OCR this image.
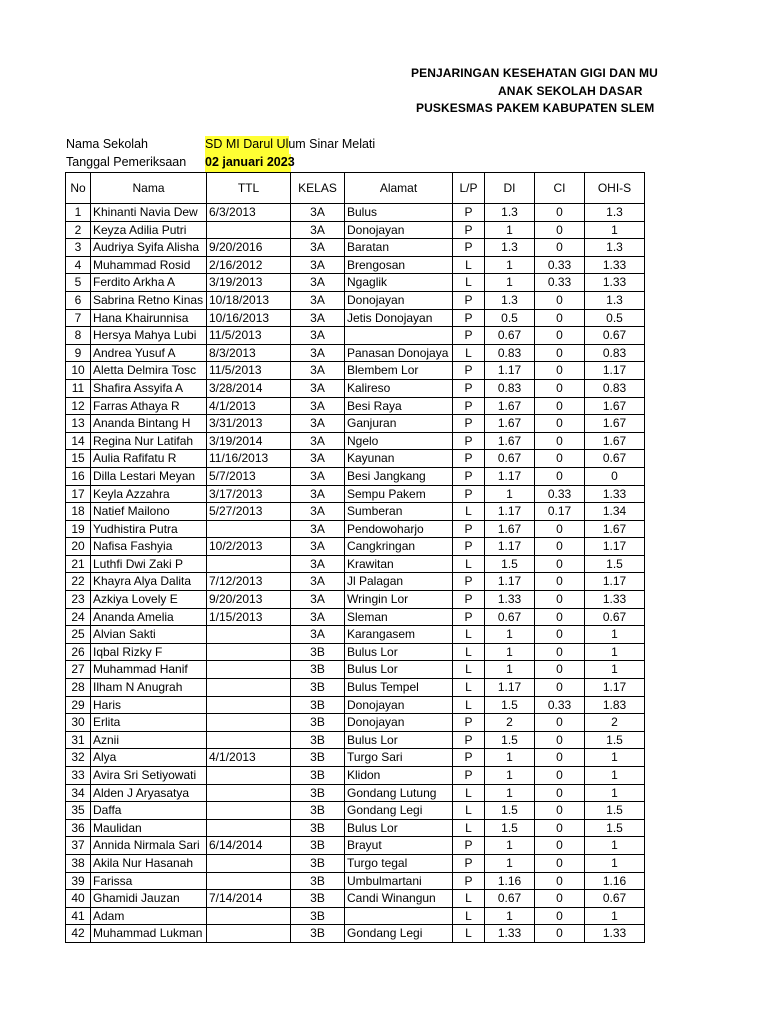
PENJARINGAN KESEHATAN GIGI DAN MU
ANAK SEKOLAH DASAR
PUSKESMAS PAKEM KABUPATEN SLEM
Nama Sekolah	SD MI Darul Ulum Sinar Melati
Tanggal Pemeriksaan 02 januari 2023
No	Nama	TTL	KELAS	Alamat	L/P	DI	CI	OHI-S
1	Khinanti Navia Dew	6/3/2013	3A	Bulus	P	1.3	0	1.3
2	Keyza Adilia Putri		3A	Donojayan	P	1	0	1
3	Audriya Syifa Alisha	9/20/2016	3A	Baratan	P	1.3	0	1.3
4	Muhammad Rosid	2/16/2012	3A	Brengosan	L	1	0.33	1.33
5	Ferdito Arkha A	3/19/2013	3A	Ngaglik	L	1	0.33	1.33
6	Sabrina Retno Kinas	10/18/2013	3A	Donojayan	P	1.3	0	1.3
7	Hana Khairunnisa	10/16/2013	3A	Jetis Donojayan	P	0.5	0	0.5
8	Hersya Mahya Lubi	11/5/2013	3A		P	0.67	0	0.67
9	Andrea Yusuf A	8/3/2013	3A	Panasan Donojaya	L	0.83	0	0.83
10	Aletta Delmira Tosc	11/5/2013	3A	Blembem Lor	P	1.17	0	1.17
11	Shafira Assyifa A	3/28/2014	3A	Kalireso	P	0.83	0	0.83
12	Farras Athaya R	4/1/2013	3A	Besi Raya	P	1.67	0	1.67
13	Ananda Bintang H	3/31/2013	3A	Ganjuran	P	1.67	0	1.67
14	Regina Nur Latifah	3/19/2014	3A	Ngelo	P	1.67	0	1.67
15	Aulia Rafifatu R	11/16/2013	3A	Kayunan	P	0.67	0	0.67
16	Dilla Lestari Meyan	5/7/2013	3A	Besi Jangkang	P	1.17	0	0
17	Keyla Azzahra	3/17/2013	3A	Sempu Pakem	P	1	0.33	1.33
18	Natief Mailono	5/27/2013	3A	Sumberan	L	1.17	0.17	1.34
19	Yudhistira Putra		3A	Pendowoharjo	P	1.67	0	1.67
20	Nafisa Fashyia	10/2/2013	3A	Cangkringan	P	1.17	0	1.17
21	Luthfi Dwi Zaki P		3A	Krawitan	L	1.5	0	1.5
22	Khayra Alya Dalita	7/12/2013	3A	Jl Palagan	P	1.17	0	1.17
23	Azkiya Lovely E	9/20/2013	3A	Wringin Lor	P	1.33	0	1.33
24	Ananda Amelia	1/15/2013	3A	Sleman	P	0.67	0	0.67
25	Alvian Sakti		3A	Karangasem	L	1	0	1
26	Iqbal Rizky F		3B	Bulus Lor	L	1	0	1
27	Muhammad Hanif		3B	Bulus Lor	L	1	0	1
28	Ilham N Anugrah		3B	Bulus Tempel	L	1.17	0	1.17
29	Haris		3B	Donojayan	L	1.5	0.33	1.83
30	Erlita		3B	Donojayan	P	2	0	2
31	Aznii		3B	Bulus Lor	P	1.5	0	1.5
32	Alya	4/1/2013	3B	Turgo Sari	P	1	0	1
33	Avira Sri Setiyowati		3B	Klidon	P	1	0	1
34	Alden J Aryasatya		3B	Gondang Lutung	L	1	0	1
35	Daffa		3B	Gondang Legi	L	1.5	0	1.5
36	Maulidan		3B	Bulus Lor	L	1.5	0	1.5
37	Annida Nirmala Sari	6/14/2014	3B	Brayut	P	1	0	1
38	Akila Nur Hasanah		3B	Turgo tegal	P	1	0	1
39	Farissa		3B	Umbulmartani	P	1.16	0	1.16
40	Ghamidi Jauzan	7/14/2014	3B	Candi Winangun	L	0.67	0	0.67
41	Adam		3B		L	1	0	1
42	Muhammad Lukman		3B	Gondang Legi	L	1.33	0	1.33
